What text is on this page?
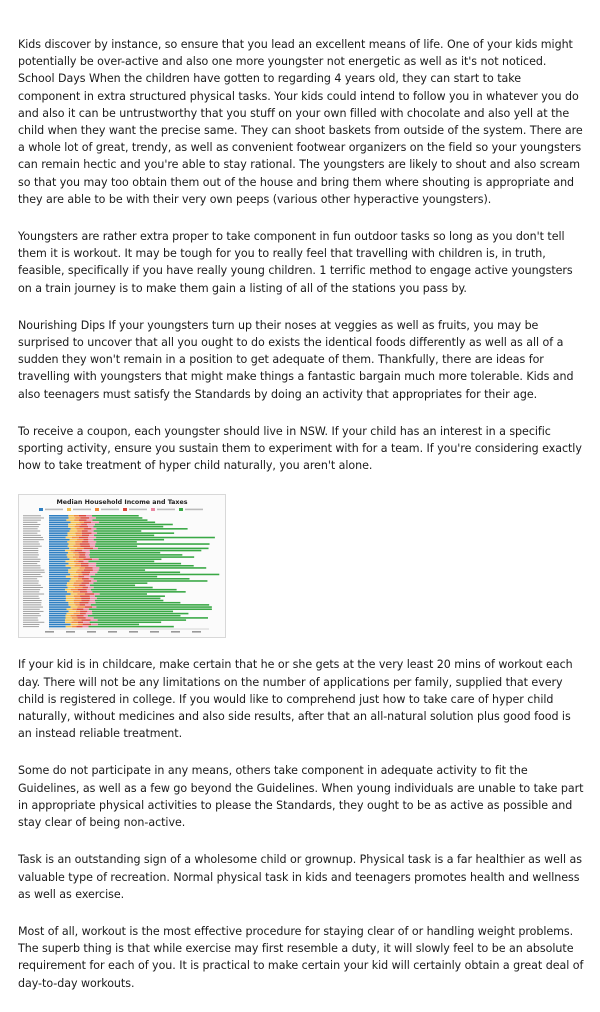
Kids discover by instance, so ensure that you lead an excellent means of life. One of your kids might potentially be over-active and also one more youngster not energetic as well as it's not noticed. School Days When the children have gotten to regarding 4 years old, they can start to take component in extra structured physical tasks. Your kids could intend to follow you in whatever you do and also it can be untrustworthy that you stuff on your own filled with chocolate and also yell at the child when they want the precise same. They can shoot baskets from outside of the system. There are a whole lot of great, trendy, as well as convenient footwear organizers on the field so your youngsters can remain hectic and you're able to stay rational. The youngsters are likely to shout and also scream so that you may too obtain them out of the house and bring them where shouting is appropriate and they are able to be with their very own peeps (various other hyperactive youngsters).

Youngsters are rather extra proper to take component in fun outdoor tasks so long as you don't tell them it is workout. It may be tough for you to really feel that travelling with children is, in truth, feasible, specifically if you have really young children. 1 terrific method to engage active youngsters on a train journey is to make them gain a listing of all of the stations you pass by.

Nourishing Dips If your youngsters turn up their noses at veggies as well as fruits, you may be surprised to uncover that all you ought to do exists the identical foods differently as well as all of a sudden they won't remain in a position to get adequate of them. Thankfully, there are ideas for travelling with youngsters that might make things a fantastic bargain much more tolerable. Kids and also teenagers must satisfy the Standards by doing an activity that appropriates for their age.

To receive a coupon, each youngster should live in NSW. If your child has an interest in a specific sporting activity, ensure you sustain them to experiment with for a team. If you're considering exactly how to take treatment of hyper child naturally, you aren't alone.

Median Household Income and Taxes

If your kid is in childcare, make certain that he or she gets at the very least 20 mins of workout each day. There will not be any limitations on the number of applications per family, supplied that every child is registered in college. If you would like to comprehend just how to take care of hyper child naturally, without medicines and also side results, after that an all-natural solution plus good food is an instead reliable treatment.

Some do not participate in any means, others take component in adequate activity to fit the Guidelines, as well as a few go beyond the Guidelines. When young individuals are unable to take part in appropriate physical activities to please the Standards, they ought to be as active as possible and stay clear of being non-active.

Task is an outstanding sign of a wholesome child or grownup. Physical task is a far healthier as well as valuable type of recreation. Normal physical task in kids and teenagers promotes health and wellness as well as exercise.

Most of all, workout is the most effective procedure for staying clear of or handling weight problems. The superb thing is that while exercise may first resemble a duty, it will slowly feel to be an absolute requirement for each of you. It is practical to make certain your kid will certainly obtain a great deal of day-to-day workouts.
